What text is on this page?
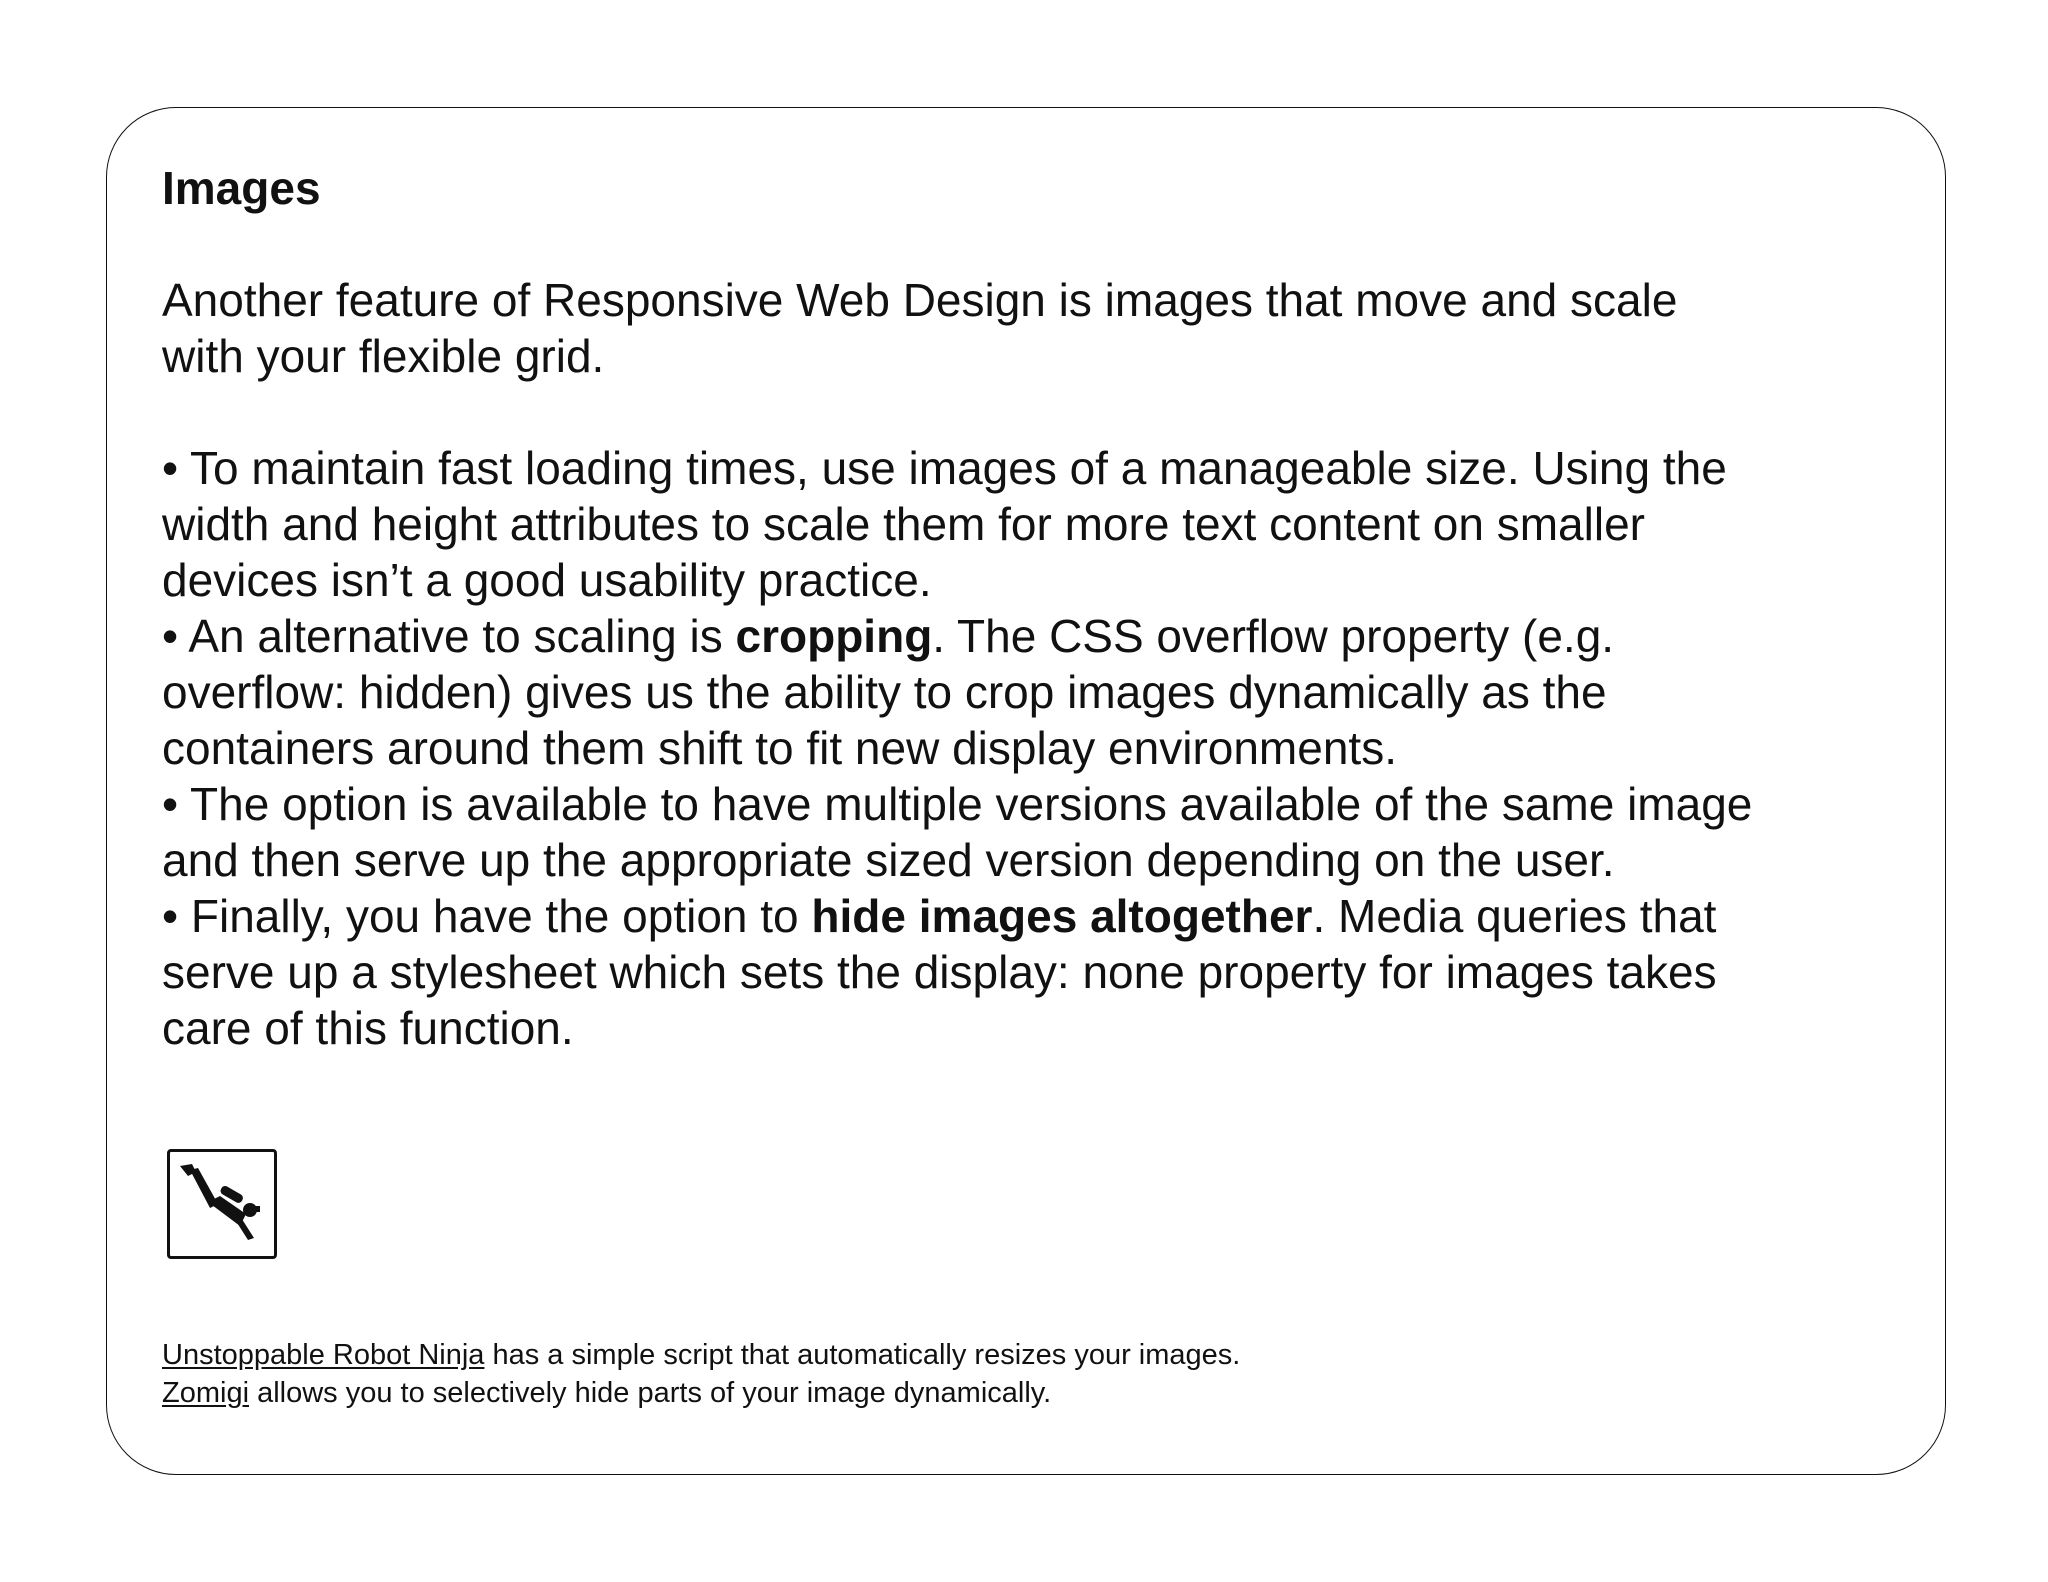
Images

Another feature of Responsive Web Design is images that move and scale with your flexible grid.

• To maintain fast loading times, use images of a manageable size. Using the width and height attributes to scale them for more text content on smaller devices isn’t a good usability practice.

• An alternative to scaling is cropping. The CSS overflow property (e.g. overflow: hidden) gives us the ability to crop images dynamically as the containers around them shift to fit new display environments.

• The option is available to have multiple versions available of the same image and then serve up the appropriate sized version depending on the user.

• Finally, you have the option to hide images altogether. Media queries that serve up a stylesheet which sets the display: none property for images takes care of this function.

Unstoppable Robot Ninja has a simple script that automatically resizes your images.

Zomigi allows you to selectively hide parts of your image dynamically.
